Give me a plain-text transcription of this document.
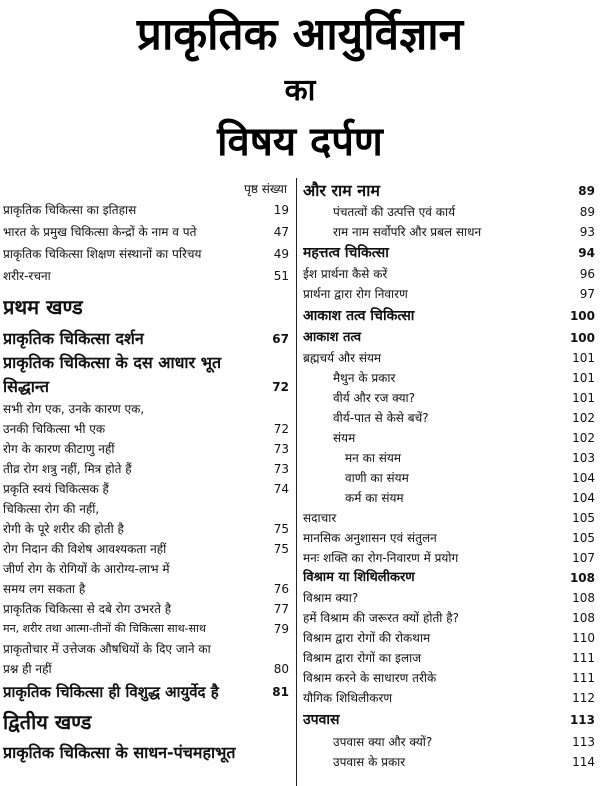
प्राकृतिक आयुर्विज्ञान
का
विषय दर्पण
पृष्ठ संख्या
प्राकृतिक चिकित्सा का इतिहास	19
भारत के प्रमुख चिकित्सा केन्द्रों के नाम व पते	47
प्राकृतिक चिकित्सा शिक्षण संस्थानों का परिचय	49
शरीर-रचना	51
प्रथम खण्ड
प्राकृतिक चिकित्सा दर्शन	67
प्राकृतिक चिकित्सा के दस आधार भूत
सिद्धान्त	72
सभी रोग एक, उनके कारण एक,
उनकी चिकित्सा भी एक	72
रोग के कारण कीटाणु नहीं	73
तीव्र रोग शत्रु नहीं, मित्र होते हैं	73
प्रकृति स्वयं चिकित्सक हैं	74
चिकित्सा रोग की नहीं,
रोगी के पूरे शरीर की होती है	75
रोग निदान की विशेष आवश्यकता नहीं	75
जीर्ण रोग के रोगियों के आरोग्य-लाभ में
समय लग सकता है	76
प्राकृतिक चिकित्सा से दबे रोग उभरते है	77
मन, शरीर तथा आत्मा-तीनों की चिकित्सा साथ-साथ	79
प्राकृतोचार में उत्तेजक औषधियों के दिए जाने का
प्रश्न ही नहीं	80
प्राकृतिक चिकित्सा ही विशुद्ध आयुर्वेद है	81
द्वितीय खण्ड
प्राकृतिक चिकित्सा के साधन-पंचमहाभूत
और राम नाम	89
पंचतत्वों की उत्पत्ति एवं कार्य	89
राम नाम सर्वोपरि और प्रबल साधन	93
महत्तत्व चिकित्सा	94
ईश प्रार्थना कैसे करें	96
प्रार्थना द्वारा रोग निवारण	97
आकाश तत्व चिकित्सा	100
आकाश तत्व	100
ब्रह्मचर्य और संयम	101
मैथुन के प्रकार	101
वीर्य और रज क्या?	101
वीर्य-पात से केसे बचें?	102
संयम	102
मन का संयम	103
वाणी का संयम	104
कर्म का संयम	104
सदाचार	105
मानसिक अनुशासन एवं संतुलन	105
मनः शक्ति का रोग-निवारण में प्रयोग	107
विश्राम या शिथिलीकरण	108
विश्राम क्या?	108
हमें विश्राम की जरूरत क्यों होती है?	108
विश्राम द्वारा रोगों की रोकथाम	110
विश्राम द्वारा रोगों का इलाज	111
विश्राम करने के साधारण तरीके	111
यौगिक शिथिलीकरण	112
उपवास	113
उपवास क्या और क्यों?	113
उपवास के प्रकार	114
